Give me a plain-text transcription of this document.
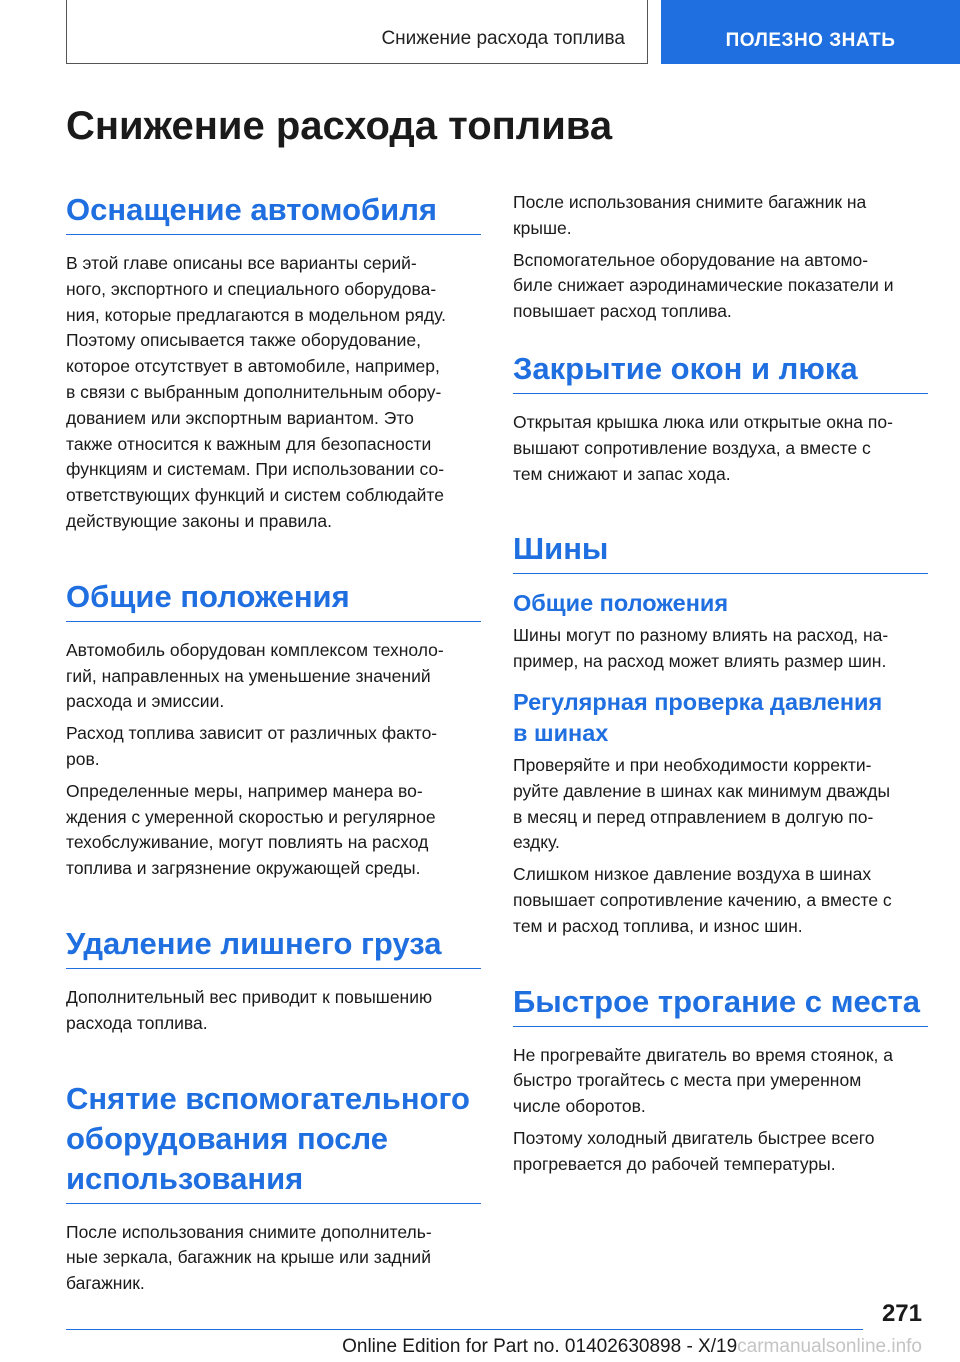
Снижение расхода топлива	ПОЛЕЗНО ЗНАТЬ
Снижение расхода топлива
Оснащение автомобиля

В этой главе описаны все варианты серий-
ного, экспортного и специального оборудова-
ния, которые предлагаются в модельном ряду.
Поэтому описывается также оборудование,
которое отсутствует в автомобиле, например,
в связи с выбранным дополнительным обору-
дованием или экспортным вариантом. Это
также относится к важным для безопасности
функциям и системам. При использовании со-
ответствующих функций и систем соблюдайте
действующие законы и правила.

Общие положения

Автомобиль оборудован комплексом техноло-
гий, направленных на уменьшение значений
расхода и эмиссии.

Расход топлива зависит от различных факто-
ров.

Определенные меры, например манера во-
ждения с умеренной скоростью и регулярное
техобслуживание, могут повлиять на расход
топлива и загрязнение окружающей среды.

Удаление лишнего груза

Дополнительный вес приводит к повышению
расхода топлива.

Снятие вспомогательного
оборудования после
использования

После использования снимите дополнитель-
ные зеркала, багажник на крыше или задний
багажник.

После использования снимите багажник на
крыше.

Вспомогательное оборудование на автомо-
биле снижает аэродинамические показатели и
повышает расход топлива.

Закрытие окон и люка

Открытая крышка люка или открытые окна по-
вышают сопротивление воздуха, а вместе с
тем снижают и запас хода.

Шины
Общие положения

Шины могут по разному влиять на расход, на-
пример, на расход может влиять размер шин.

Регулярная проверка давления
в шинах

Проверяйте и при необходимости корректи-
руйте давление в шинах как минимум дважды
в месяц и перед отправлением в долгую по-
ездку.

Слишком низкое давление воздуха в шинах
повышает сопротивление качению, а вместе с
тем и расход топлива, и износ шин.

Быстрое трогание с места

Не прогревайте двигатель во время стоянок, а
быстро трогайтесь с места при умеренном
числе оборотов.

Поэтому холодный двигатель быстрее всего
прогревается до рабочей температуры.

271
Online Edition for Part no. 01402630898 - X/19carmanualsonline.info
